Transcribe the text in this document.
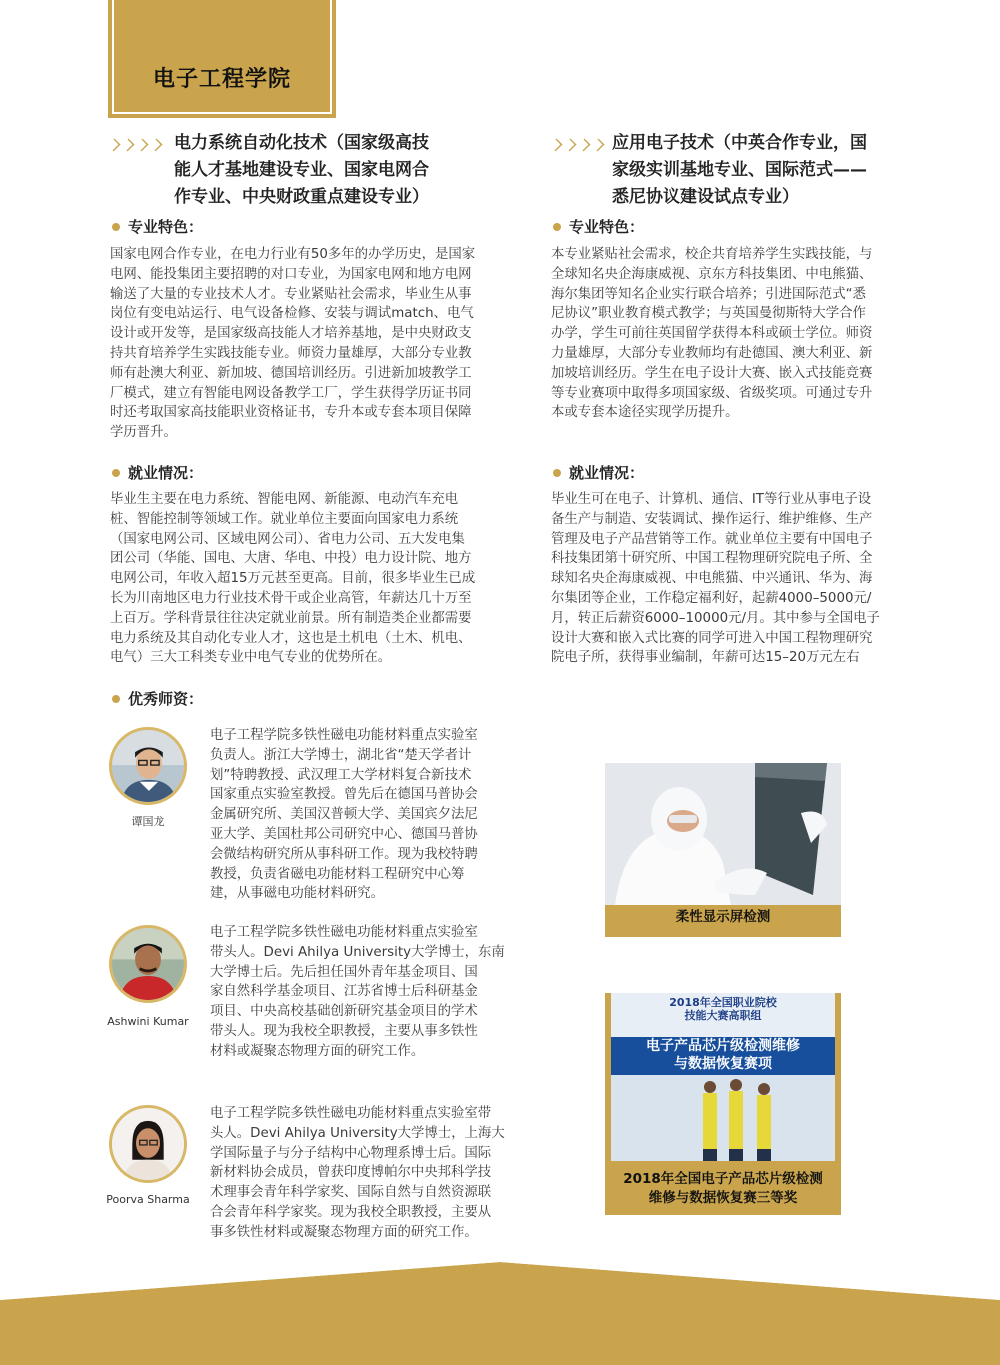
电子工程学院
电力系统自动化技术（国家级高技
能人才基地建设专业、国家电网合
作专业、中央财政重点建设专业）
专业特色：
国家电网合作专业，在电力行业有50多年的办学历史，是国家
电网、能投集团主要招聘的对口专业，为国家电网和地方电网
输送了大量的专业技术人才。专业紧贴社会需求，毕业生从事
岗位有变电站运行、电气设备检修、安装与调试match、电气
设计或开发等，是国家级高技能人才培养基地，是中央财政支
持共育培养学生实践技能专业。师资力量雄厚，大部分专业教
师有赴澳大利亚、新加坡、德国培训经历。引进新加坡教学工
厂模式，建立有智能电网设备教学工厂，学生获得学历证书同
时还考取国家高技能职业资格证书，专升本或专套本项目保障
学历晋升。
就业情况：
毕业生主要在电力系统、智能电网、新能源、电动汽车充电
桩、智能控制等领域工作。就业单位主要面向国家电力系统
（国家电网公司、区域电网公司）、省电力公司、五大发电集
团公司（华能、国电、大唐、华电、中投）电力设计院、地方
电网公司，年收入超15万元甚至更高。目前，很多毕业生已成
长为川南地区电力行业技术骨干或企业高管，年薪达几十万至
上百万。学科背景往往决定就业前景。所有制造类企业都需要
电力系统及其自动化专业人才，这也是土机电（土木、机电、
电气）三大工科类专业中电气专业的优势所在。
应用电子技术（中英合作专业，国
家级实训基地专业、国际范式——
悉尼协议建设试点专业）
专业特色：
本专业紧贴社会需求，校企共育培养学生实践技能，与
全球知名央企海康威视、京东方科技集团、中电熊猫、
海尔集团等知名企业实行联合培养；引进国际范式“悉
尼协议”职业教育模式教学；与英国曼彻斯特大学合作
办学，学生可前往英国留学获得本科或硕士学位。师资
力量雄厚，大部分专业教师均有赴德国、澳大利亚、新
加坡培训经历。学生在电子设计大赛、嵌入式技能竞赛
等专业赛项中取得多项国家级、省级奖项。可通过专升
本或专套本途径实现学历提升。
就业情况：
毕业生可在电子、计算机、通信、IT等行业从事电子设
备生产与制造、安装调试、操作运行、维护维修、生产
管理及电子产品营销等工作。就业单位主要有中国电子
科技集团第十研究所、中国工程物理研究院电子所、全
球知名央企海康威视、中电熊猫、中兴通讯、华为、海
尔集团等企业，工作稳定福利好，起薪4000–5000元/
月，转正后薪资6000–10000元/月。其中参与全国电子
设计大赛和嵌入式比赛的同学可进入中国工程物理研究
院电子所，获得事业编制，年薪可达15–20万元左右
优秀师资：
谭国龙
电子工程学院多铁性磁电功能材料重点实验室
负责人。浙江大学博士，湖北省“楚天学者计
划”特聘教授、武汉理工大学材料复合新技术
国家重点实验室教授。曾先后在德国马普协会
金属研究所、美国汉普顿大学、美国宾夕法尼
亚大学、美国杜邦公司研究中心、德国马普协
会微结构研究所从事科研工作。现为我校特聘
教授，负责省磁电功能材料工程研究中心筹
建，从事磁电功能材料研究。
Ashwini Kumar
电子工程学院多铁性磁电功能材料重点实验室
带头人。Devi Ahilya University大学博士，东南
大学博士后。先后担任国外青年基金项目、国
家自然科学基金项目、江苏省博士后科研基金
项目、中央高校基础创新研究基金项目的学术
带头人。现为我校全职教授，主要从事多铁性
材料或凝聚态物理方面的研究工作。
Poorva Sharma
电子工程学院多铁性磁电功能材料重点实验室带
头人。Devi Ahilya University大学博士，上海大
学国际量子与分子结构中心物理系博士后。国际
新材料协会成员，曾获印度博帕尔中央邦科学技
术理事会青年科学家奖、国际自然与自然资源联
合会青年科学家奖。现为我校全职教授，主要从
事多铁性材料或凝聚态物理方面的研究工作。
柔性显示屏检测
2018年全国职业院校
技能大赛高职组
电子产品芯片级检测维修
与数据恢复赛项
2018年全国电子产品芯片级检测
维修与数据恢复赛三等奖
